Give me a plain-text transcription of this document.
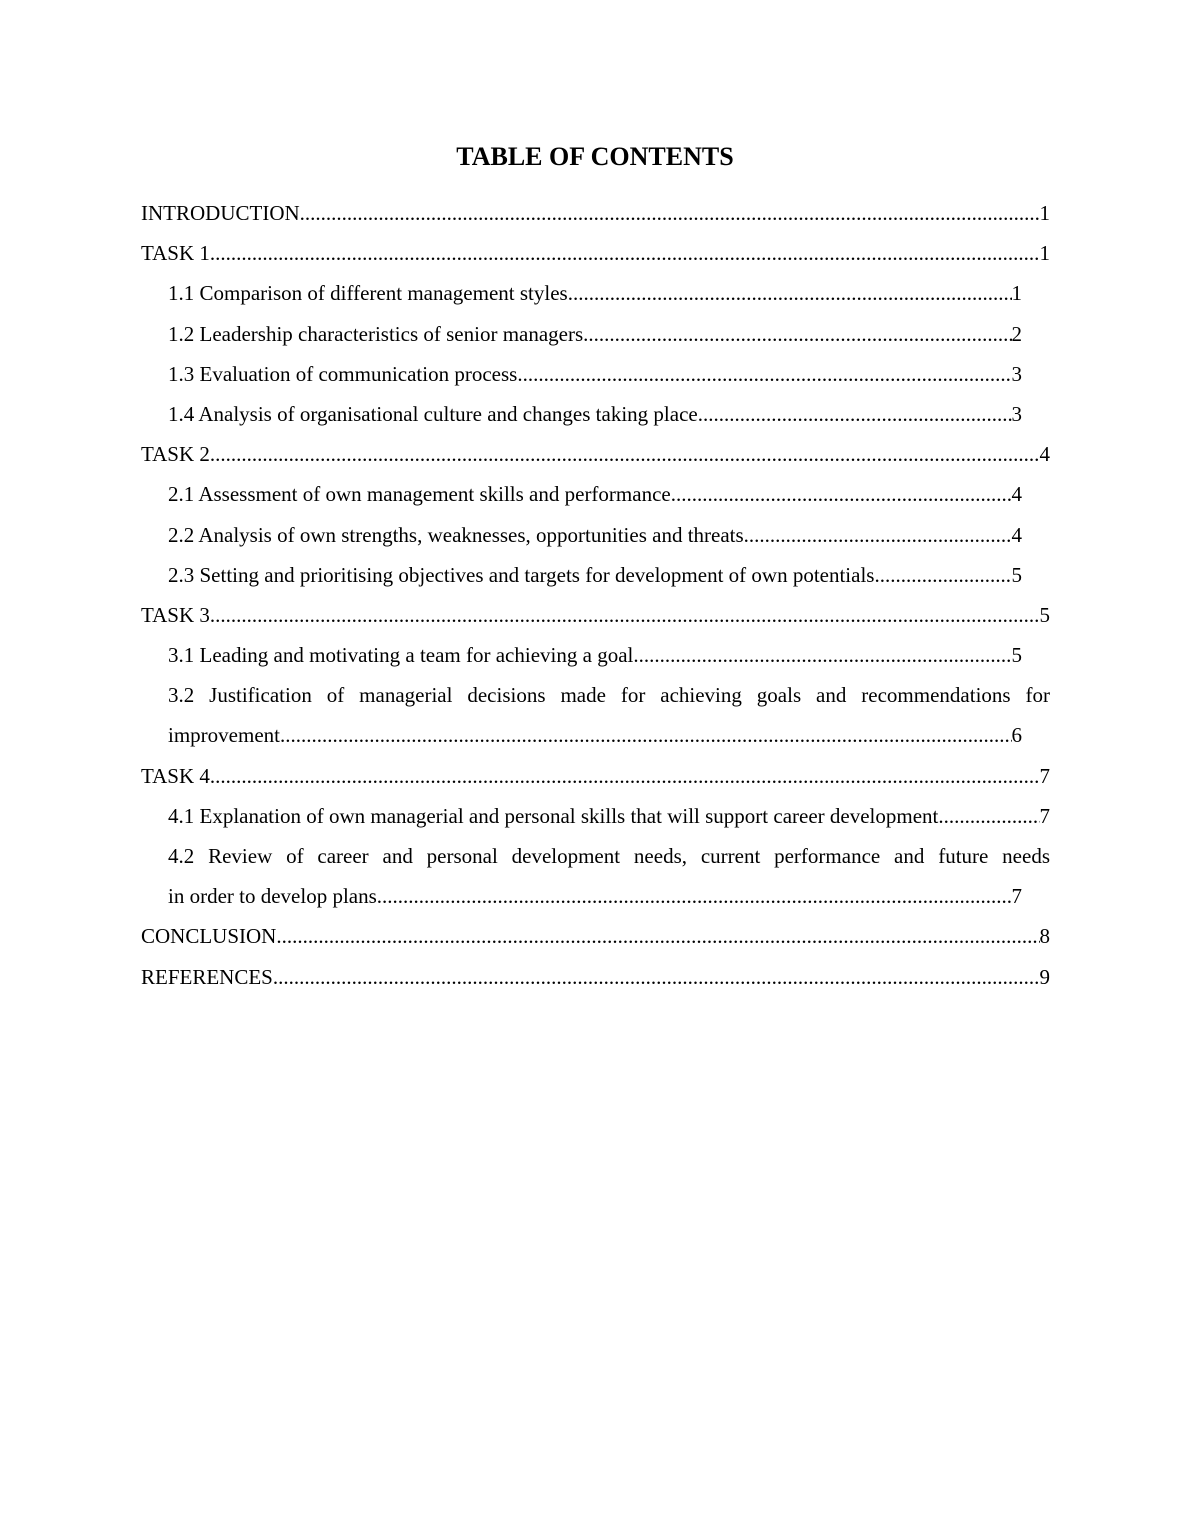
TABLE OF CONTENTS
INTRODUCTION .....	1
TASK 1 .....	1
1.1 Comparison of different management styles .....	1
1.2 Leadership characteristics of senior managers .....	2
1.3 Evaluation of communication process .....	3
1.4 Analysis of organisational culture and changes taking place .....	3
TASK 2 .....	4
2.1 Assessment of own management skills and performance .....	4
2.2 Analysis of own strengths, weaknesses, opportunities and threats .....	4
2.3 Setting and prioritising objectives and targets for development of own potentials .....	5
TASK 3 .....	5
3.1 Leading and motivating a team for achieving a goal .....	5
3.2 Justification of managerial decisions made for achieving goals and recommendations for
improvement .....	6
TASK 4 .....	7
4.1 Explanation of own managerial and personal skills that will support career development .....	7
4.2 Review of career and personal development needs, current performance and future needs
in order to develop plans .....	7
CONCLUSION .....	8
REFERENCES .....	9
